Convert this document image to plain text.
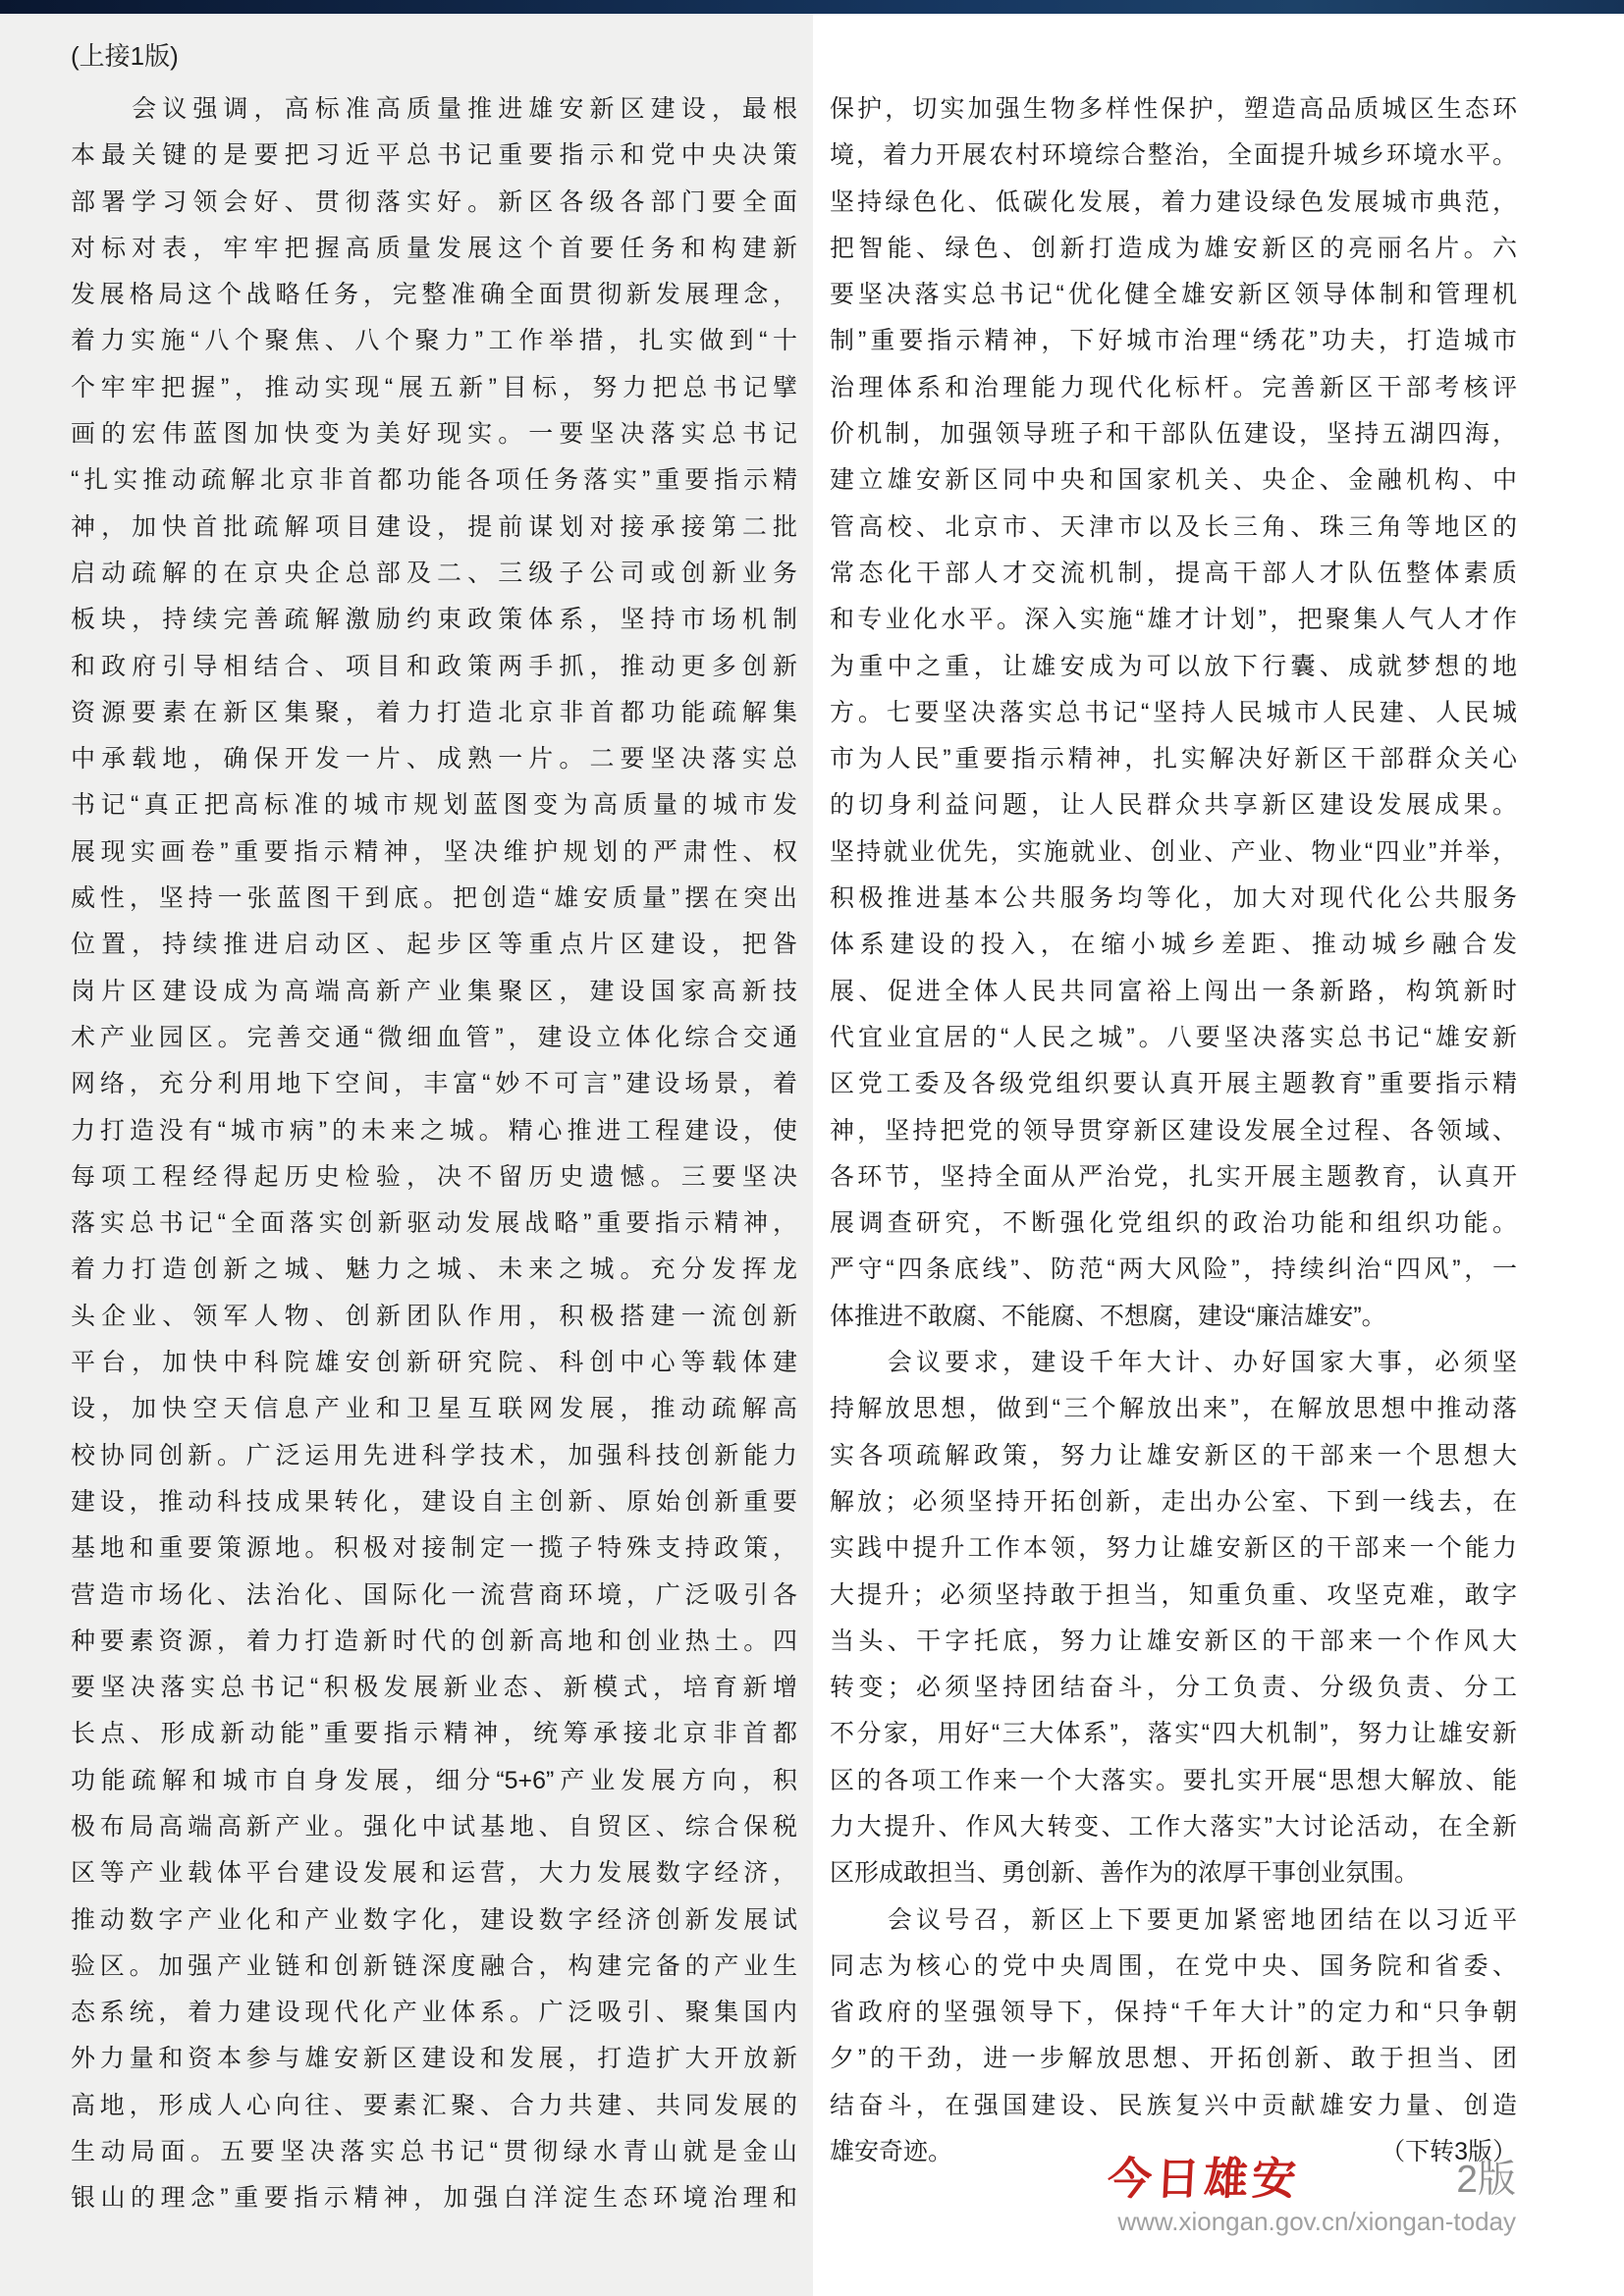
(上接1版)
　　会议强调，高标准高质量推进雄安新区建设，最根
本最关键的是要把习近平总书记重要指示和党中央决策
部署学习领会好、贯彻落实好。新区各级各部门要全面
对标对表，牢牢把握高质量发展这个首要任务和构建新
发展格局这个战略任务，完整准确全面贯彻新发展理念，
着力实施“八个聚焦、八个聚力”工作举措，扎实做到“十
个牢牢把握”，推动实现“展五新”目标，努力把总书记擘
画的宏伟蓝图加快变为美好现实。一要坚决落实总书记
“扎实推动疏解北京非首都功能各项任务落实”重要指示精
神，加快首批疏解项目建设，提前谋划对接承接第二批
启动疏解的在京央企总部及二、三级子公司或创新业务
板块，持续完善疏解激励约束政策体系，坚持市场机制
和政府引导相结合、项目和政策两手抓，推动更多创新
资源要素在新区集聚，着力打造北京非首都功能疏解集
中承载地，确保开发一片、成熟一片。二要坚决落实总
书记“真正把高标准的城市规划蓝图变为高质量的城市发
展现实画卷”重要指示精神，坚决维护规划的严肃性、权
威性，坚持一张蓝图干到底。把创造“雄安质量”摆在突出
位置，持续推进启动区、起步区等重点片区建设，把昝
岗片区建设成为高端高新产业集聚区，建设国家高新技
术产业园区。完善交通“微细血管”，建设立体化综合交通
网络，充分利用地下空间，丰富“妙不可言”建设场景，着
力打造没有“城市病”的未来之城。精心推进工程建设，使
每项工程经得起历史检验，决不留历史遗憾。三要坚决
落实总书记“全面落实创新驱动发展战略”重要指示精神，
着力打造创新之城、魅力之城、未来之城。充分发挥龙
头企业、领军人物、创新团队作用，积极搭建一流创新
平台，加快中科院雄安创新研究院、科创中心等载体建
设，加快空天信息产业和卫星互联网发展，推动疏解高
校协同创新。广泛运用先进科学技术，加强科技创新能力
建设，推动科技成果转化，建设自主创新、原始创新重要
基地和重要策源地。积极对接制定一揽子特殊支持政策，
营造市场化、法治化、国际化一流营商环境，广泛吸引各
种要素资源，着力打造新时代的创新高地和创业热土。四
要坚决落实总书记“积极发展新业态、新模式，培育新增
长点、形成新动能”重要指示精神，统筹承接北京非首都
功能疏解和城市自身发展，细分“5+6”产业发展方向，积
极布局高端高新产业。强化中试基地、自贸区、综合保税
区等产业载体平台建设发展和运营，大力发展数字经济，
推动数字产业化和产业数字化，建设数字经济创新发展试
验区。加强产业链和创新链深度融合，构建完备的产业生
态系统，着力建设现代化产业体系。广泛吸引、聚集国内
外力量和资本参与雄安新区建设和发展，打造扩大开放新
高地，形成人心向往、要素汇聚、合力共建、共同发展的
生动局面。五要坚决落实总书记“贯彻绿水青山就是金山
银山的理念”重要指示精神，加强白洋淀生态环境治理和
保护，切实加强生物多样性保护，塑造高品质城区生态环
境，着力开展农村环境综合整治，全面提升城乡环境水平。
坚持绿色化、低碳化发展，着力建设绿色发展城市典范，
把智能、绿色、创新打造成为雄安新区的亮丽名片。六
要坚决落实总书记“优化健全雄安新区领导体制和管理机
制”重要指示精神，下好城市治理“绣花”功夫，打造城市
治理体系和治理能力现代化标杆。完善新区干部考核评
价机制，加强领导班子和干部队伍建设，坚持五湖四海，
建立雄安新区同中央和国家机关、央企、金融机构、中
管高校、北京市、天津市以及长三角、珠三角等地区的
常态化干部人才交流机制，提高干部人才队伍整体素质
和专业化水平。深入实施“雄才计划”，把聚集人气人才作
为重中之重，让雄安成为可以放下行囊、成就梦想的地
方。七要坚决落实总书记“坚持人民城市人民建、人民城
市为人民”重要指示精神，扎实解决好新区干部群众关心
的切身利益问题，让人民群众共享新区建设发展成果。
坚持就业优先，实施就业、创业、产业、物业“四业”并举，
积极推进基本公共服务均等化，加大对现代化公共服务
体系建设的投入，在缩小城乡差距、推动城乡融合发
展、促进全体人民共同富裕上闯出一条新路，构筑新时
代宜业宜居的“人民之城”。八要坚决落实总书记“雄安新
区党工委及各级党组织要认真开展主题教育”重要指示精
神，坚持把党的领导贯穿新区建设发展全过程、各领域、
各环节，坚持全面从严治党，扎实开展主题教育，认真开
展调查研究，不断强化党组织的政治功能和组织功能。
严守“四条底线”、防范“两大风险”，持续纠治“四风”，一
体推进不敢腐、不能腐、不想腐，建设“廉洁雄安”。
　　会议要求，建设千年大计、办好国家大事，必须坚
持解放思想，做到“三个解放出来”，在解放思想中推动落
实各项疏解政策，努力让雄安新区的干部来一个思想大
解放；必须坚持开拓创新，走出办公室、下到一线去，在
实践中提升工作本领，努力让雄安新区的干部来一个能力
大提升；必须坚持敢于担当，知重负重、攻坚克难，敢字
当头、干字托底，努力让雄安新区的干部来一个作风大
转变；必须坚持团结奋斗，分工负责、分级负责、分工
不分家，用好“三大体系”，落实“四大机制”，努力让雄安新
区的各项工作来一个大落实。要扎实开展“思想大解放、能
力大提升、作风大转变、工作大落实”大讨论活动，在全新
区形成敢担当、勇创新、善作为的浓厚干事创业氛围。
　　会议号召，新区上下要更加紧密地团结在以习近平
同志为核心的党中央周围，在党中央、国务院和省委、
省政府的坚强领导下，保持“千年大计”的定力和“只争朝
夕”的干劲，进一步解放思想、开拓创新、敢于担当、团
结奋斗，在强国建设、民族复兴中贡献雄安力量、创造
雄安奇迹。	（下转3版）
今日雄安	2版
www.xiongan.gov.cn/xiongan-today
